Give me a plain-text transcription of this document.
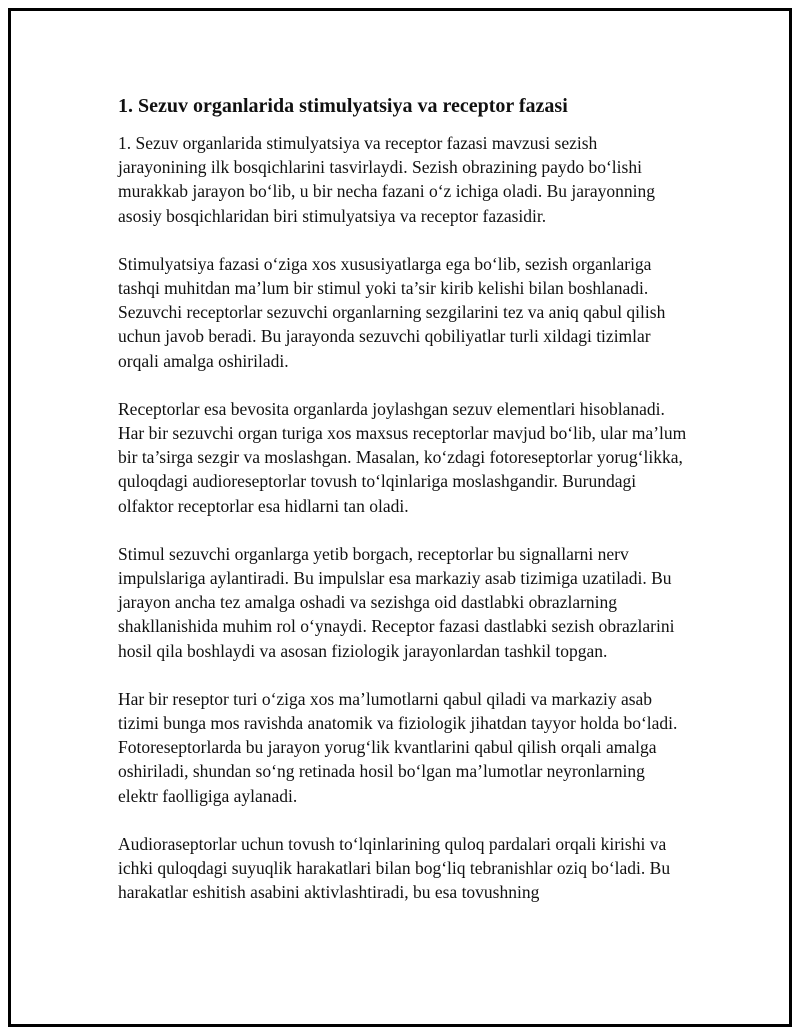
1. Sezuv organlarida stimulyatsiya va receptor fazasi

1. Sezuv organlarida stimulyatsiya va receptor fazasi mavzusi sezish jarayonining ilk bosqichlarini tasvirlaydi. Sezish obrazining paydo bo‘lishi murakkab jarayon bo‘lib, u bir necha fazani o‘z ichiga oladi. Bu jarayonning asosiy bosqichlaridan biri stimulyatsiya va receptor fazasidir.

Stimulyatsiya fazasi o‘ziga xos xususiyatlarga ega bo‘lib, sezish organlariga tashqi muhitdan ma’lum bir stimul yoki ta’sir kirib kelishi bilan boshlanadi. Sezuvchi receptorlar sezuvchi organlarning sezgilarini tez va aniq qabul qilish uchun javob beradi. Bu jarayonda sezuvchi qobiliyatlar turli xildagi tizimlar orqali amalga oshiriladi.

Receptorlar esa bevosita organlarda joylashgan sezuv elementlari hisoblanadi. Har bir sezuvchi organ turiga xos maxsus receptorlar mavjud bo‘lib, ular ma’lum bir ta’sirga sezgir va moslashgan. Masalan, ko‘zdagi fotoreseptorlar yorug‘likka, quloqdagi audioreseptorlar tovush to‘lqinlariga moslashgandir. Burundagi olfaktor receptorlar esa hidlarni tan oladi.

Stimul sezuvchi organlarga yetib borgach, receptorlar bu signallarni nerv impulslariga aylantiradi. Bu impulslar esa markaziy asab tizimiga uzatiladi. Bu jarayon ancha tez amalga oshadi va sezishga oid dastlabki obrazlarning shakllanishida muhim rol o‘ynaydi. Receptor fazasi dastlabki sezish obrazlarini hosil qila boshlaydi va asosan fiziologik jarayonlardan tashkil topgan.

Har bir reseptor turi o‘ziga xos ma’lumotlarni qabul qiladi va markaziy asab tizimi bunga mos ravishda anatomik va fiziologik jihatdan tayyor holda bo‘ladi. Fotoreseptorlarda bu jarayon yorug‘lik kvantlarini qabul qilish orqali amalga oshiriladi, shundan so‘ng retinada hosil bo‘lgan ma’lumotlar neyronlarning elektr faolligiga aylanadi.

Audioraseptorlar uchun tovush to‘lqinlarining quloq pardalari orqali kirishi va ichki quloqdagi suyuqlik harakatlari bilan bog‘liq tebranishlar oziq bo‘ladi. Bu harakatlar eshitish asabini aktivlashtiradi, bu esa tovushning
